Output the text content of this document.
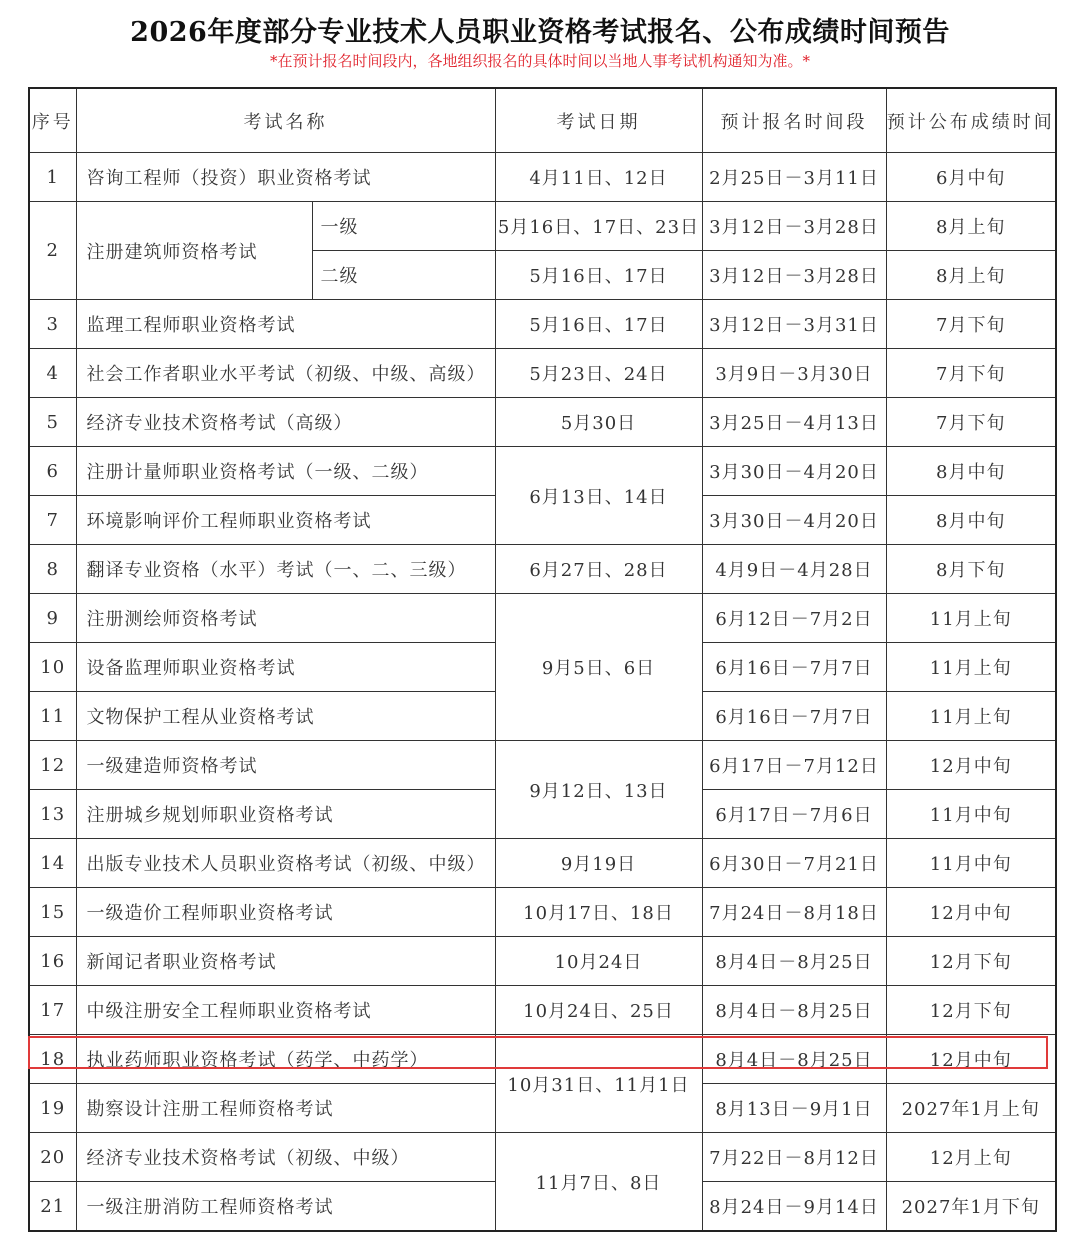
2026年度部分专业技术人员职业资格考试报名、公布成绩时间预告
*在预计报名时间段内，各地组织报名的具体时间以当地人事考试机构通知为准。*
序号	考试名称		考试日期	预计报名时间段	预计公布成绩时间
1	咨询工程师（投资）职业资格考试		4月11日、12日	2月25日－3月11日	6月中旬
2	注册建筑师资格考试	一级	5月16日、17日、23日	3月12日－3月28日	8月上旬
		二级	5月16日、17日	3月12日－3月28日	8月上旬
3	监理工程师职业资格考试		5月16日、17日	3月12日－3月31日	7月下旬
4	社会工作者职业水平考试（初级、中级、高级）		5月23日、24日	3月9日－3月30日	7月下旬
5	经济专业技术资格考试（高级）		5月30日	3月25日－4月13日	7月下旬
6	注册计量师职业资格考试（一级、二级）		6月13日、14日	3月30日－4月20日	8月中旬
7	环境影响评价工程师职业资格考试			3月30日－4月20日	8月中旬
8	翻译专业资格（水平）考试（一、二、三级）		6月27日、28日	4月9日－4月28日	8月下旬
9	注册测绘师资格考试		9月5日、6日	6月12日－7月2日	11月上旬
10	设备监理师职业资格考试			6月16日－7月7日	11月上旬
11	文物保护工程从业资格考试			6月16日－7月7日	11月上旬
12	一级建造师资格考试		9月12日、13日	6月17日－7月12日	12月中旬
13	注册城乡规划师职业资格考试			6月17日－7月6日	11月中旬
14	出版专业技术人员职业资格考试（初级、中级）		9月19日	6月30日－7月21日	11月中旬
15	一级造价工程师职业资格考试		10月17日、18日	7月24日－8月18日	12月中旬
16	新闻记者职业资格考试		10月24日	8月4日－8月25日	12月下旬
17	中级注册安全工程师职业资格考试		10月24日、25日	8月4日－8月25日	12月下旬
18	执业药师职业资格考试（药学、中药学）		10月31日、11月1日	8月4日－8月25日	12月中旬
19	勘察设计注册工程师资格考试			8月13日－9月1日	2027年1月上旬
20	经济专业技术资格考试（初级、中级）		11月7日、8日	7月22日－8月12日	12月上旬
21	一级注册消防工程师资格考试			8月24日－9月14日	2027年1月下旬
